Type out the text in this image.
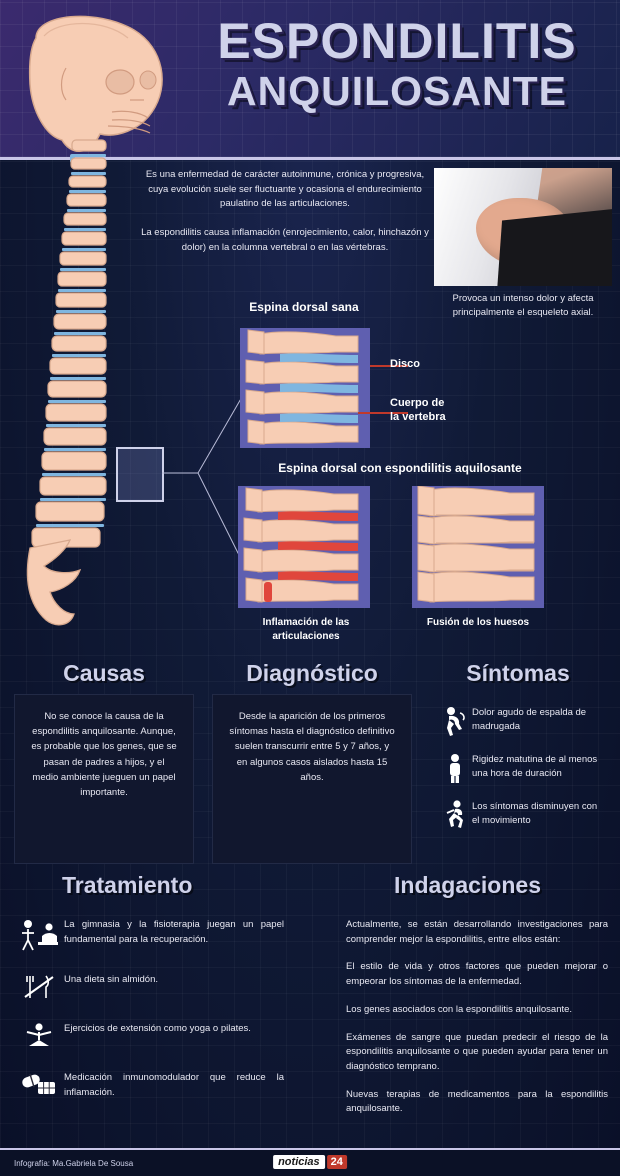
ESPONDILITIS
ANQUILOSANTE

Es una enfermedad de carácter autoinmune, crónica y progresiva, cuya evolución suele ser fluctuante y ocasiona el endurecimiento paulatino de las articulaciones.

La espondilitis causa inflamación (enrojecimiento, calor, hinchazón y dolor) en la columna vertebral o en las vértebras.

Provoca un intenso dolor y afecta principalmente el esqueleto axial.
Espina dorsal sana
Disco
Cuerpo de
la vertebra
Espina dorsal con espondilitis aquilosante
Inflamación de las
articulaciones
Fusión de los huesos
Causas
No se conoce la causa de la espondilitis anquilosante. Aunque, es probable que los genes, que se pasan de padres a hijos, y el medio ambiente jueguen un papel importante.
Diagnóstico
Desde la aparición de los primeros síntomas hasta el diagnóstico definitivo suelen transcurrir entre 5 y 7 años, y en algunos casos aislados hasta 15 años.
Síntomas
Dolor agudo de espalda de madrugada
Rigidez matutina de al menos una hora de duración
Los síntomas disminuyen con el movimiento
Tratamiento
La gimnasia y la fisioterapia juegan un papel fundamental para la recuperación.
Una dieta sin almidón.
Ejercicios de extensión como yoga o pilates.
Medicación inmunomodulador que reduce la inflamación.
Indagaciones

Actualmente, se están desarrollando investigaciones para comprender mejor la espondilitis, entre ellos están:

El estilo de vida y otros factores que pueden mejorar o empeorar los síntomas de la enfermedad.

Los genes asociados con la espondilitis anquilosante.

Exámenes de sangre que puedan predecir el riesgo de la espondilitis anquilosante o que pueden ayudar para tener un diagnóstico temprano.

Nuevas terapias de medicamentos para la espondilitis anquilosante.

Infografía: Ma.Gabriela De Sousa	noticias	24
